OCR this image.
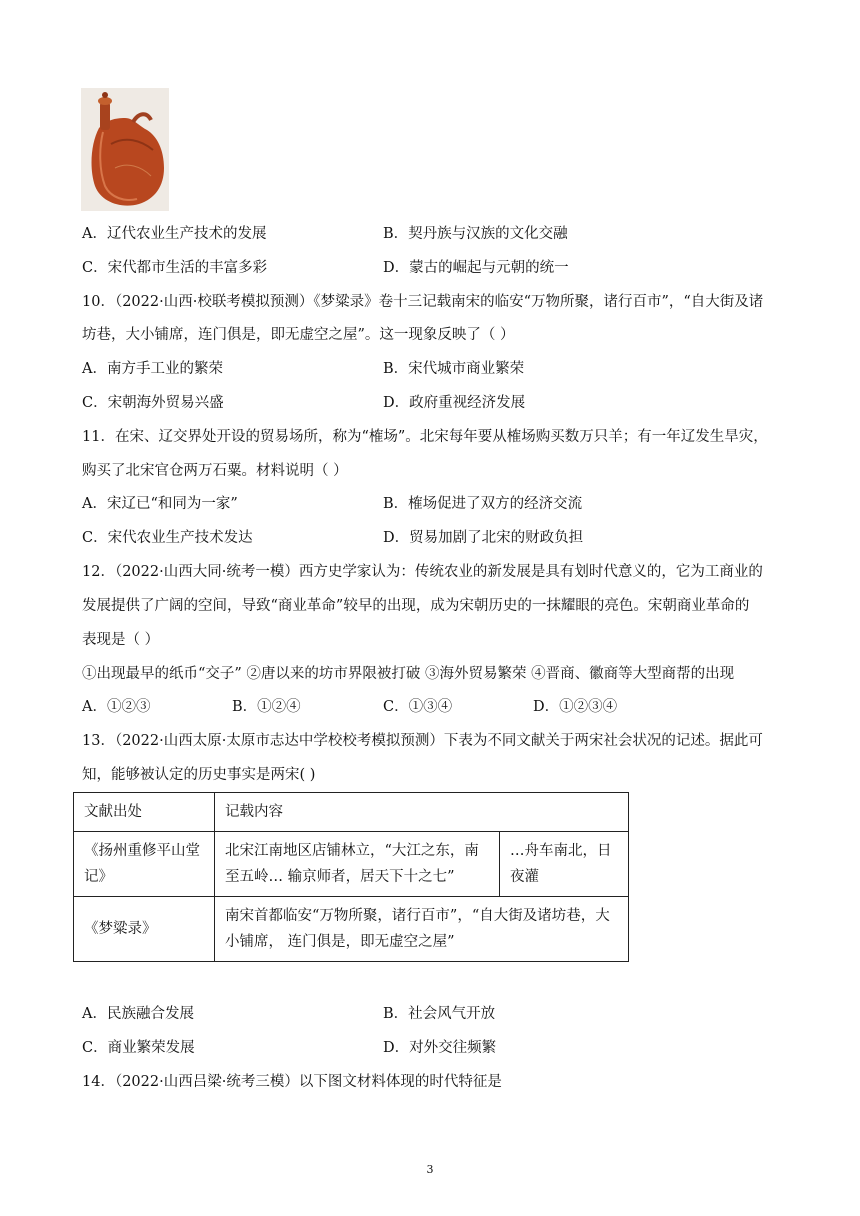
A．辽代农业生产技术的发展	B．契丹族与汉族的文化交融
C．宋代都市生活的丰富多彩	D．蒙古的崛起与元朝的统一
10．（2022·山西·校联考模拟预测）《梦粱录》卷十三记载南宋的临安“万物所聚，诸行百市”，“自大街及诸
坊巷，大小铺席，连门俱是，即无虚空之屋”。这一现象反映了（ ）
A．南方手工业的繁荣	B．宋代城市商业繁荣
C．宋朝海外贸易兴盛	D．政府重视经济发展
11．在宋、辽交界处开设的贸易场所，称为“榷场”。北宋每年要从榷场购买数万只羊；有一年辽发生旱灾，
购买了北宋官仓两万石粟。材料说明（ ）
A．宋辽已“和同为一家”	B．榷场促进了双方的经济交流
C．宋代农业生产技术发达	D．贸易加剧了北宋的财政负担
12．（2022·山西大同·统考一模）西方史学家认为：传统农业的新发展是具有划时代意义的，它为工商业的
发展提供了广阔的空间，导致“商业革命”较早的出现，成为宋朝历史的一抹耀眼的亮色。宋朝商业革命的
表现是（ ）
①出现最早的纸币“交子” ②唐以来的坊市界限被打破 ③海外贸易繁荣 ④晋商、徽商等大型商帮的出现
A．①②③	B．①②④	C．①③④	D．①②③④
13．（2022·山西太原·太原市志达中学校校考模拟预测）下表为不同文献关于两宋社会状况的记述。据此可
知，能够被认定的历史事实是两宋( )
文献出处	记载内容	
《扬州重修平山堂记》	北宋江南地区店铺林立，“大江之东，南至五岭… 输京师者，居天下十之七”	…舟车南北，日夜灌
《梦粱录》	南宋首都临安“万物所聚，诸行百市”，“自大街及诸坊巷，大小铺席， 连门俱是，即无虚空之屋”	
A．民族融合发展	B．社会风气开放
C．商业繁荣发展	D．对外交往频繁
14．（2022·山西吕梁·统考三模）以下图文材料体现的时代特征是
3
